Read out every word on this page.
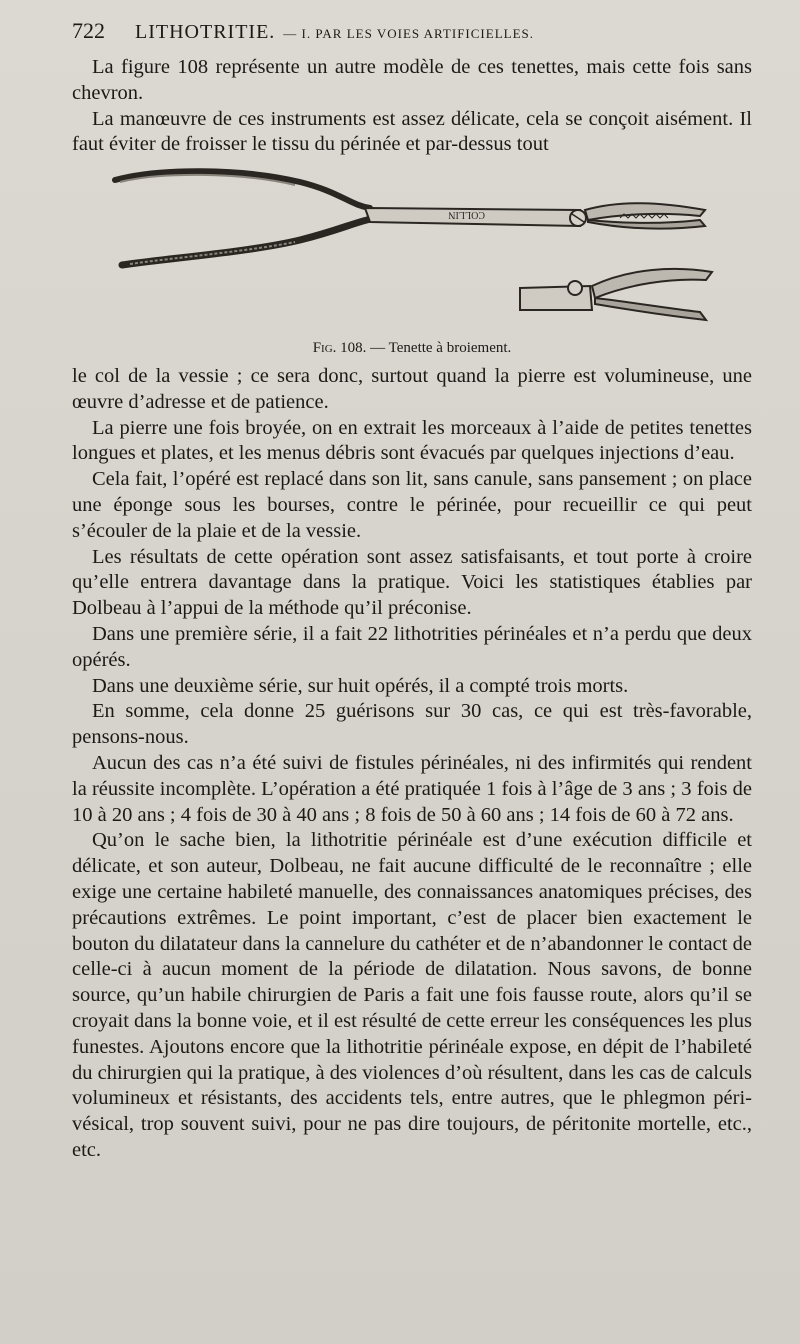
722 LITHOTRITIE. — I. PAR LES VOIES ARTIFICIELLES.

La figure 108 représente un autre modèle de ces tenettes, mais cette fois sans chevron.

La manœuvre de ces instruments est assez délicate, cela se conçoit aisément. Il faut éviter de froisser le tissu du périnée et par-dessus tout

COLLIN
Fig. 108. — Tenette à broiement.

le col de la vessie ; ce sera donc, surtout quand la pierre est volumineuse, une œuvre d’adresse et de patience.

La pierre une fois broyée, on en extrait les morceaux à l’aide de petites tenettes longues et plates, et les menus débris sont évacués par quelques injections d’eau.

Cela fait, l’opéré est replacé dans son lit, sans canule, sans pansement ; on place une éponge sous les bourses, contre le périnée, pour recueillir ce qui peut s’écouler de la plaie et de la vessie.

Les résultats de cette opération sont assez satisfaisants, et tout porte à croire qu’elle entrera davantage dans la pratique. Voici les statistiques établies par Dolbeau à l’appui de la méthode qu’il préconise.

Dans une première série, il a fait 22 lithotrities périnéales et n’a perdu que deux opérés.

Dans une deuxième série, sur huit opérés, il a compté trois morts.

En somme, cela donne 25 guérisons sur 30 cas, ce qui est très-favorable, pensons-nous.

Aucun des cas n’a été suivi de fistules périnéales, ni des infirmités qui rendent la réussite incomplète. L’opération a été pratiquée 1 fois à l’âge de 3 ans ; 3 fois de 10 à 20 ans ; 4 fois de 30 à 40 ans ; 8 fois de 50 à 60 ans ; 14 fois de 60 à 72 ans.

Qu’on le sache bien, la lithotritie périnéale est d’une exécution difficile et délicate, et son auteur, Dolbeau, ne fait aucune difficulté de le reconnaître ; elle exige une certaine habileté manuelle, des connaissances anatomiques précises, des précautions extrêmes. Le point important, c’est de placer bien exactement le bouton du dilatateur dans la cannelure du cathéter et de n’abandonner le contact de celle-ci à aucun moment de la période de dilatation. Nous savons, de bonne source, qu’un habile chirurgien de Paris a fait une fois fausse route, alors qu’il se croyait dans la bonne voie, et il est résulté de cette erreur les conséquences les plus funestes. Ajoutons encore que la lithotritie périnéale expose, en dépit de l’habileté du chirurgien qui la pratique, à des violences d’où résultent, dans les cas de calculs volumineux et résistants, des accidents tels, entre autres, que le phlegmon péri-vésical, trop souvent suivi, pour ne pas dire toujours, de péritonite mortelle, etc., etc.
